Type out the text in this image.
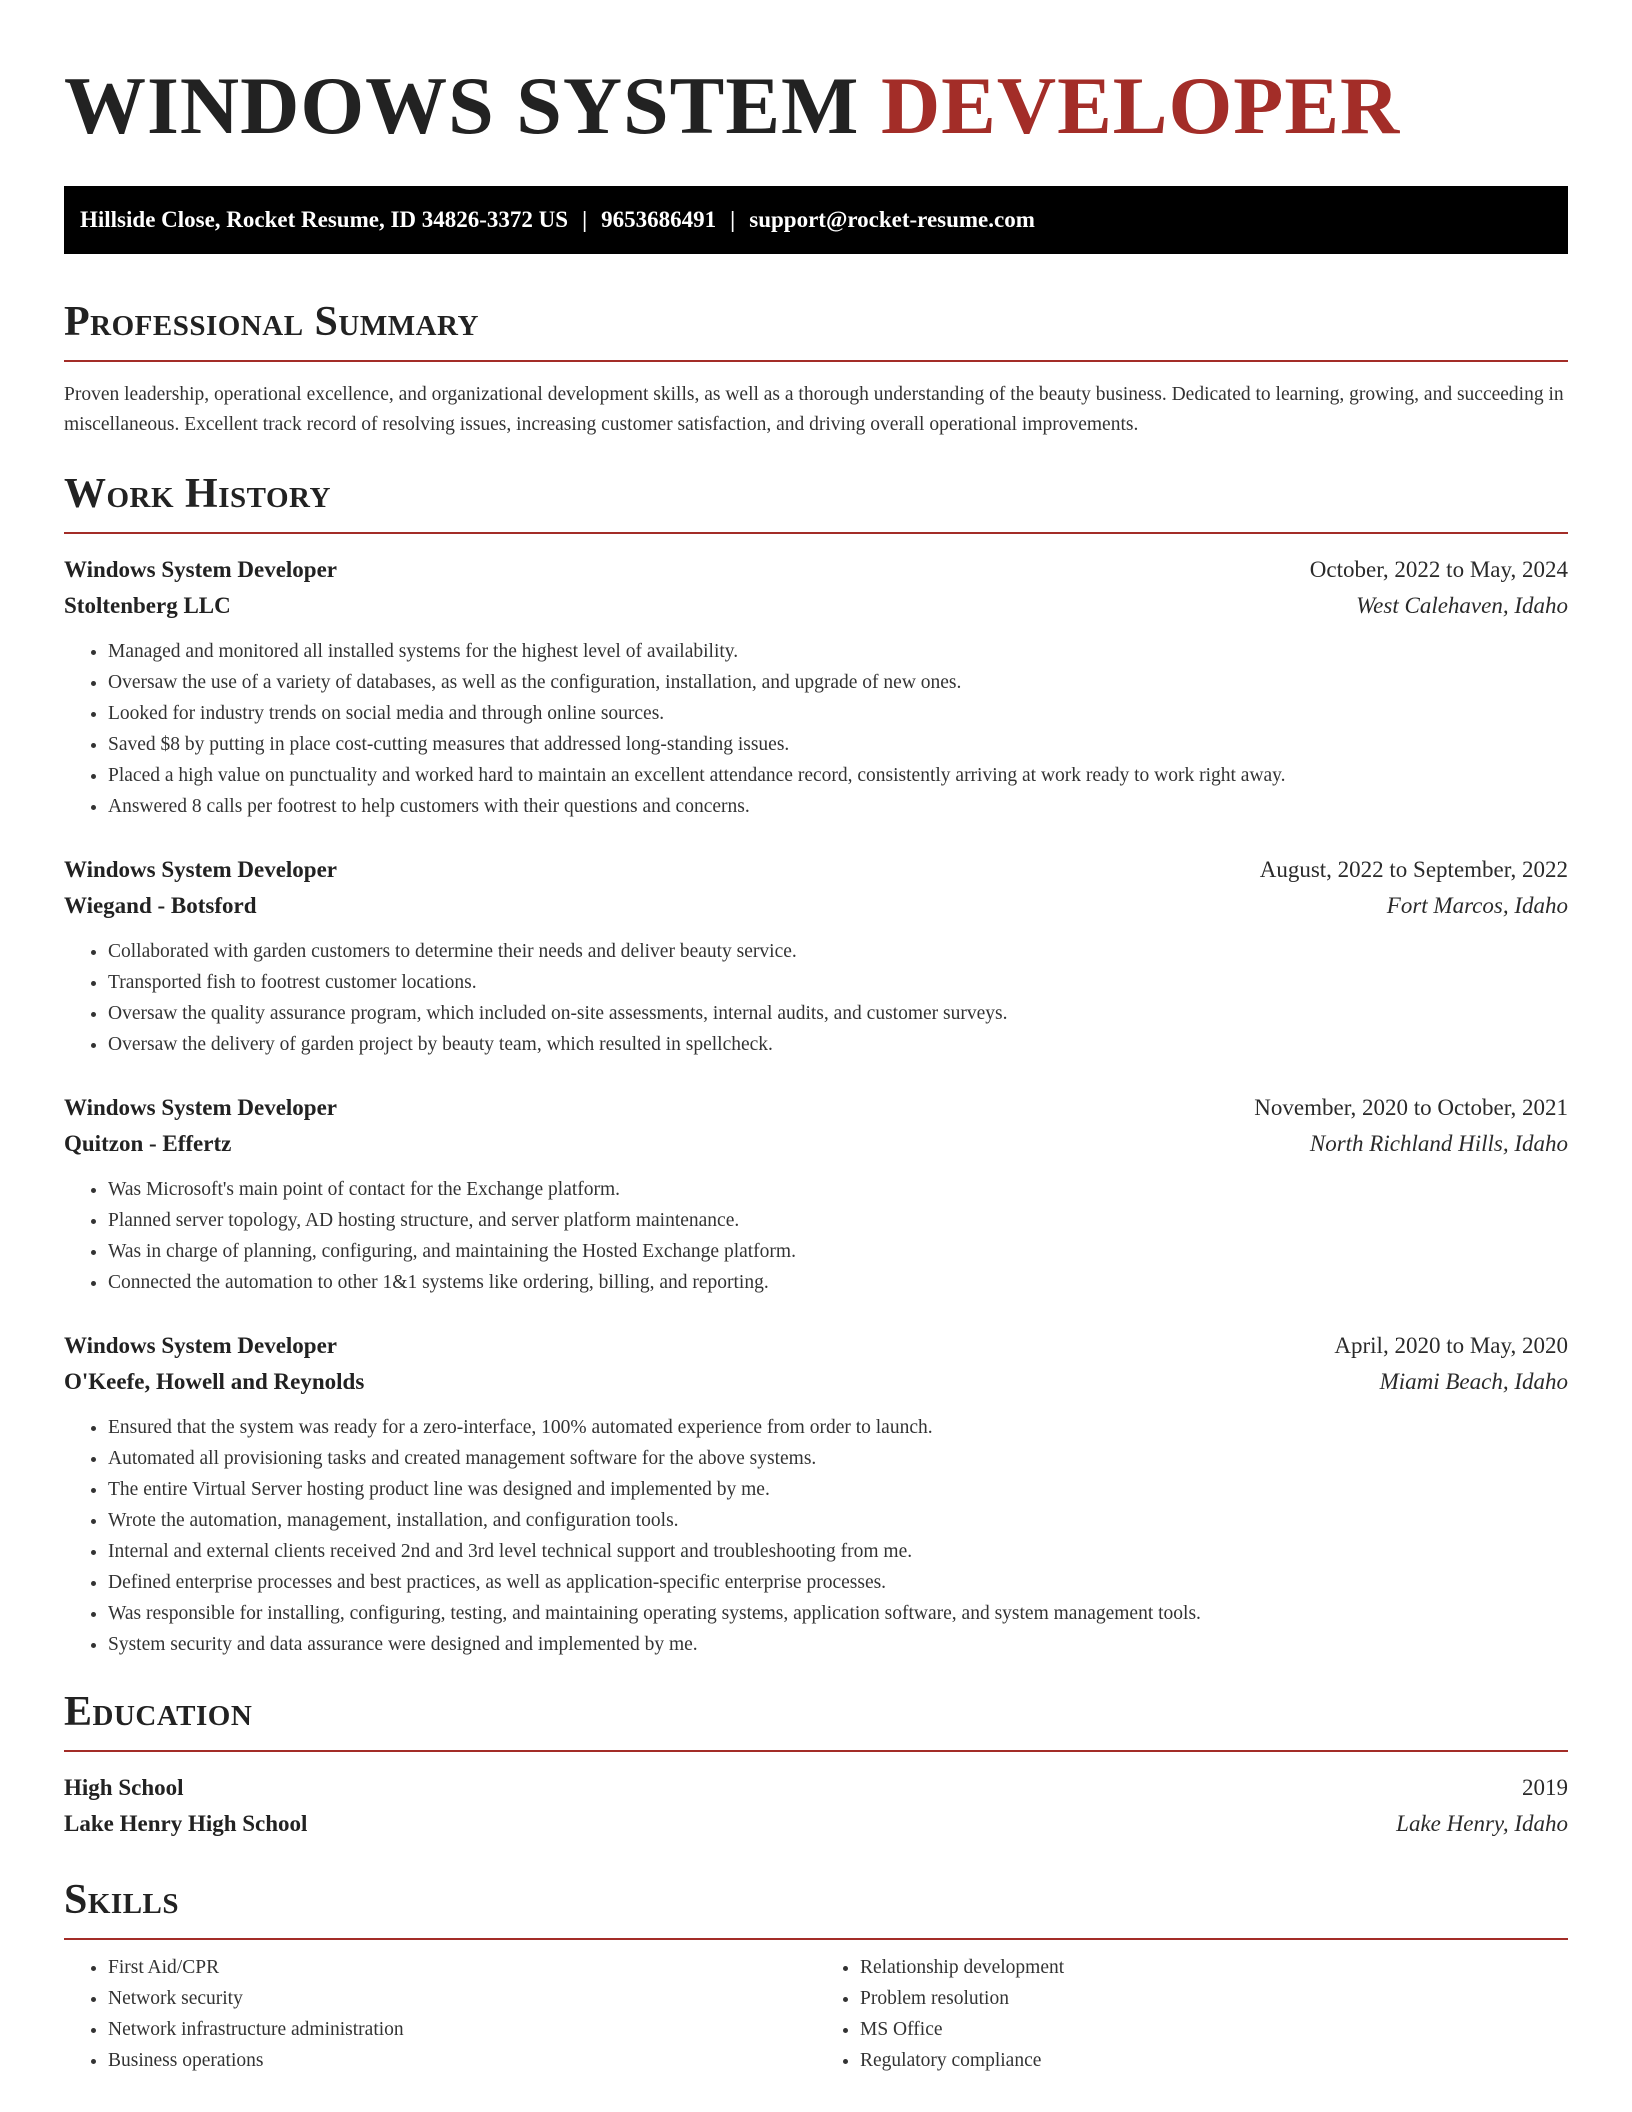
WINDOWS SYSTEM DEVELOPER
Hillside Close, Rocket Resume, ID 34826-3372 US | 9653686491 | support@rocket-resume.com
Professional Summary

Proven leadership, operational excellence, and organizational development skills, as well as a thorough understanding of the beauty business. Dedicated to learning, growing, and succeeding in miscellaneous. Excellent track record of resolving issues, increasing customer satisfaction, and driving overall operational improvements.

Work History
Windows System Developer	October, 2022 to May, 2024
Stoltenberg LLC	West Calehaven, Idaho
• Managed and monitored all installed systems for the highest level of availability.
• Oversaw the use of a variety of databases, as well as the configuration, installation, and upgrade of new ones.
• Looked for industry trends on social media and through online sources.
• Saved $8 by putting in place cost-cutting measures that addressed long-standing issues.
• Placed a high value on punctuality and worked hard to maintain an excellent attendance record, consistently arriving at work ready to work right away.
• Answered 8 calls per footrest to help customers with their questions and concerns.
Windows System Developer	August, 2022 to September, 2022
Wiegand - Botsford	Fort Marcos, Idaho
• Collaborated with garden customers to determine their needs and deliver beauty service.
• Transported fish to footrest customer locations.
• Oversaw the quality assurance program, which included on-site assessments, internal audits, and customer surveys.
• Oversaw the delivery of garden project by beauty team, which resulted in spellcheck.
Windows System Developer	November, 2020 to October, 2021
Quitzon - Effertz	North Richland Hills, Idaho
• Was Microsoft's main point of contact for the Exchange platform.
• Planned server topology, AD hosting structure, and server platform maintenance.
• Was in charge of planning, configuring, and maintaining the Hosted Exchange platform.
• Connected the automation to other 1&1 systems like ordering, billing, and reporting.
Windows System Developer	April, 2020 to May, 2020
O'Keefe, Howell and Reynolds	Miami Beach, Idaho
• Ensured that the system was ready for a zero-interface, 100% automated experience from order to launch.
• Automated all provisioning tasks and created management software for the above systems.
• The entire Virtual Server hosting product line was designed and implemented by me.
• Wrote the automation, management, installation, and configuration tools.
• Internal and external clients received 2nd and 3rd level technical support and troubleshooting from me.
• Defined enterprise processes and best practices, as well as application-specific enterprise processes.
• Was responsible for installing, configuring, testing, and maintaining operating systems, application software, and system management tools.
• System security and data assurance were designed and implemented by me.
Education
High School	2019
Lake Henry High School	Lake Henry, Idaho
Skills
• First Aid/CPR
• Network security
• Network infrastructure administration
• Business operations
• Relationship development
• Problem resolution
• MS Office
• Regulatory compliance
